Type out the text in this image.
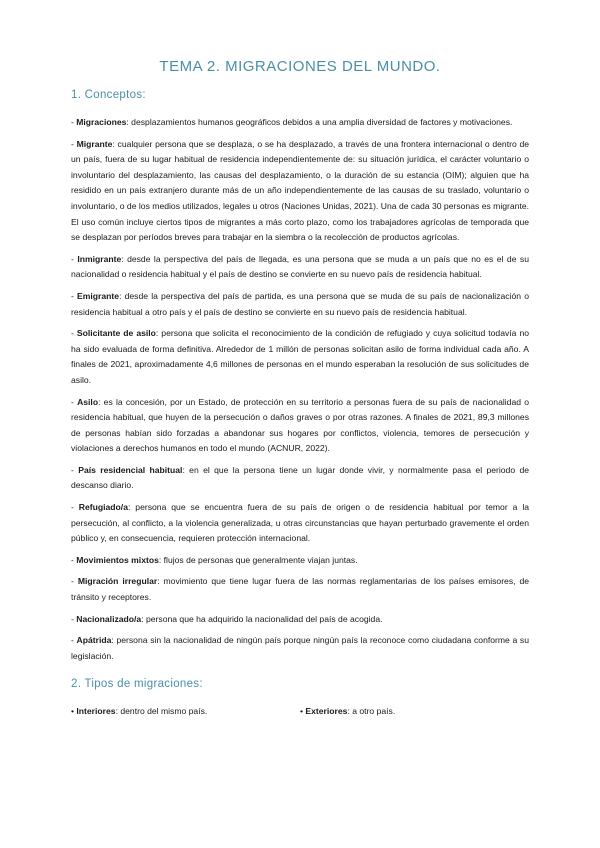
TEMA 2. MIGRACIONES DEL MUNDO.
1. Conceptos:

- Migraciones: desplazamientos humanos geográficos debidos a una amplia diversidad de factores y motivaciones.

- Migrante: cualquier persona que se desplaza, o se ha desplazado, a través de una frontera internacional o dentro de un país, fuera de su lugar habitual de residencia independientemente de: su situación jurídica, el carácter voluntario o involuntario del desplazamiento, las causas del desplazamiento, o la duración de su estancia (OIM); alguien que ha residido en un país extranjero durante más de un año independientemente de las causas de su traslado, voluntario o involuntario, o de los medios utilizados, legales u otros (Naciones Unidas, 2021). Una de cada 30 personas es migrante. El uso común incluye ciertos tipos de migrantes a más corto plazo, como los trabajadores agrícolas de temporada que se desplazan por períodos breves para trabajar en la siembra o la recolección de productos agrícolas.

- Inmigrante: desde la perspectiva del país de llegada, es una persona que se muda a un país que no es el de su nacionalidad o residencia habitual y el país de destino se convierte en su nuevo país de residencia habitual.

- Emigrante: desde la perspectiva del país de partida, es una persona que se muda de su país de nacionalización o residencia habitual a otro país y el país de destino se convierte en su nuevo país de residencia habitual.

- Solicitante de asilo: persona que solicita el reconocimiento de la condición de refugiado y cuya solicitud todavía no ha sido evaluada de forma definitiva. Alrededor de 1 millón de personas solicitan asilo de forma individual cada año. A finales de 2021, aproximadamente 4,6 millones de personas en el mundo esperaban la resolución de sus solicitudes de asilo.

- Asilo: es la concesión, por un Estado, de protección en su territorio a personas fuera de su país de nacionalidad o residencia habitual, que huyen de la persecución o daños graves o por otras razones. A finales de 2021, 89,3 millones de personas habían sido forzadas a abandonar sus hogares por conflictos, violencia, temores de persecución y violaciones a derechos humanos en todo el mundo (ACNUR, 2022).

- País residencial habitual: en el que la persona tiene un lugar donde vivir, y normalmente pasa el periodo de descanso diario.

- Refugiado/a: persona que se encuentra fuera de su país de origen o de residencia habitual por temor a la persecución, al conflicto, a la violencia generalizada, u otras circunstancias que hayan perturbado gravemente el orden público y, en consecuencia, requieren protección internacional.

- Movimientos mixtos: flujos de personas que generalmente viajan juntas.

- Migración irregular: movimiento que tiene lugar fuera de las normas reglamentarias de los países emisores, de tránsito y receptores.

- Nacionalizado/a: persona que ha adquirido la nacionalidad del país de acogida.

- Apátrida: persona sin la nacionalidad de ningún país porque ningún país la reconoce como ciudadana conforme a su legislación.

2. Tipos de migraciones:
• Interiores: dentro del mismo país.	• Exteriores: a otro país.
